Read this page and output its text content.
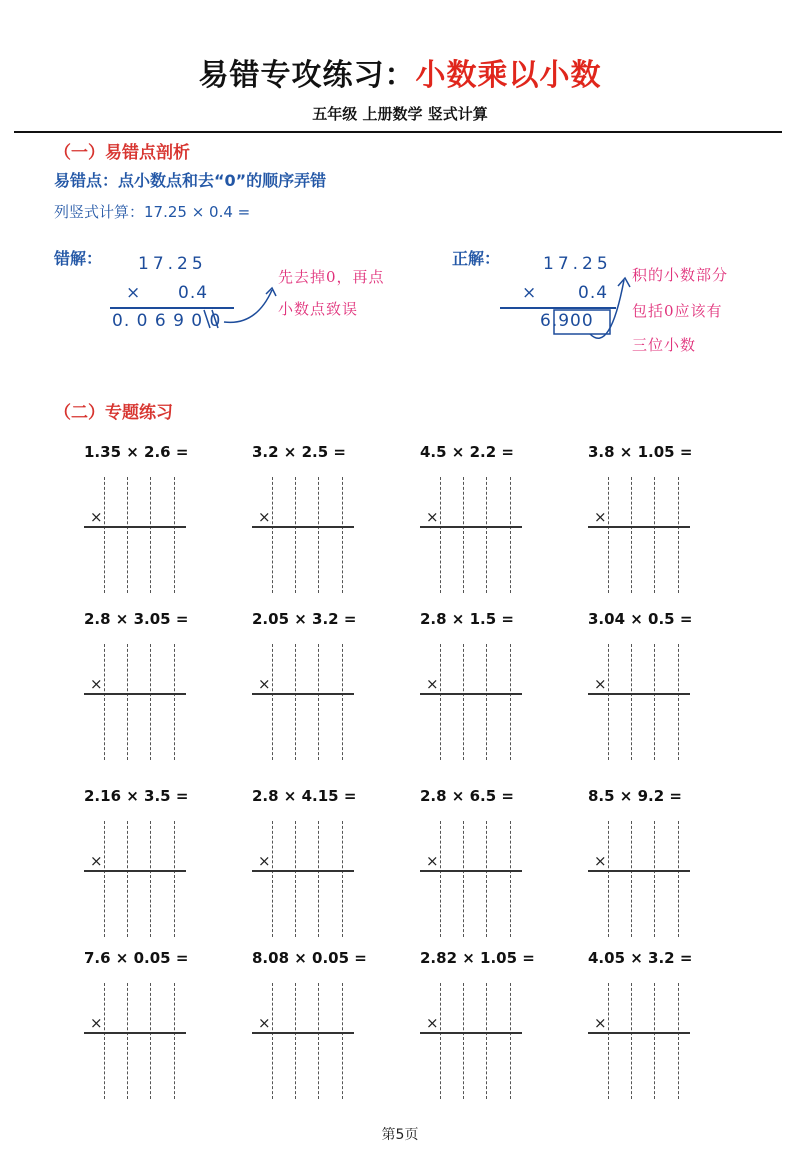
易错专攻练习：小数乘以小数
五年级 上册数学 竖式计算
（一）易错点剖析
易错点：点小数点和去“0”的顺序弄错
列竖式计算：17.25 × 0.4 =
错解： 17.25
× 0.4
0. 0 6 9 0 0
先去掉0，再点
小数点致误
正解：	17.25
× 0.4
6.900
积的小数部分
包括0应该有
三位小数
（二）专题练习
1.35 × 2.6 =
×
3.2 × 2.5 =
×
4.5 × 2.2 =
×
3.8 × 1.05 =
×
2.8 × 3.05 =
×
2.05 × 3.2 =
×
2.8 × 1.5 =
×
3.04 × 0.5 =
×
2.16 × 3.5 =
×
2.8 × 4.15 =
×
2.8 × 6.5 =
×
8.5 × 9.2 =
×
7.6 × 0.05 =
×
8.08 × 0.05 =
×
2.82 × 1.05 =
×
4.05 × 3.2 =
×
第5页
